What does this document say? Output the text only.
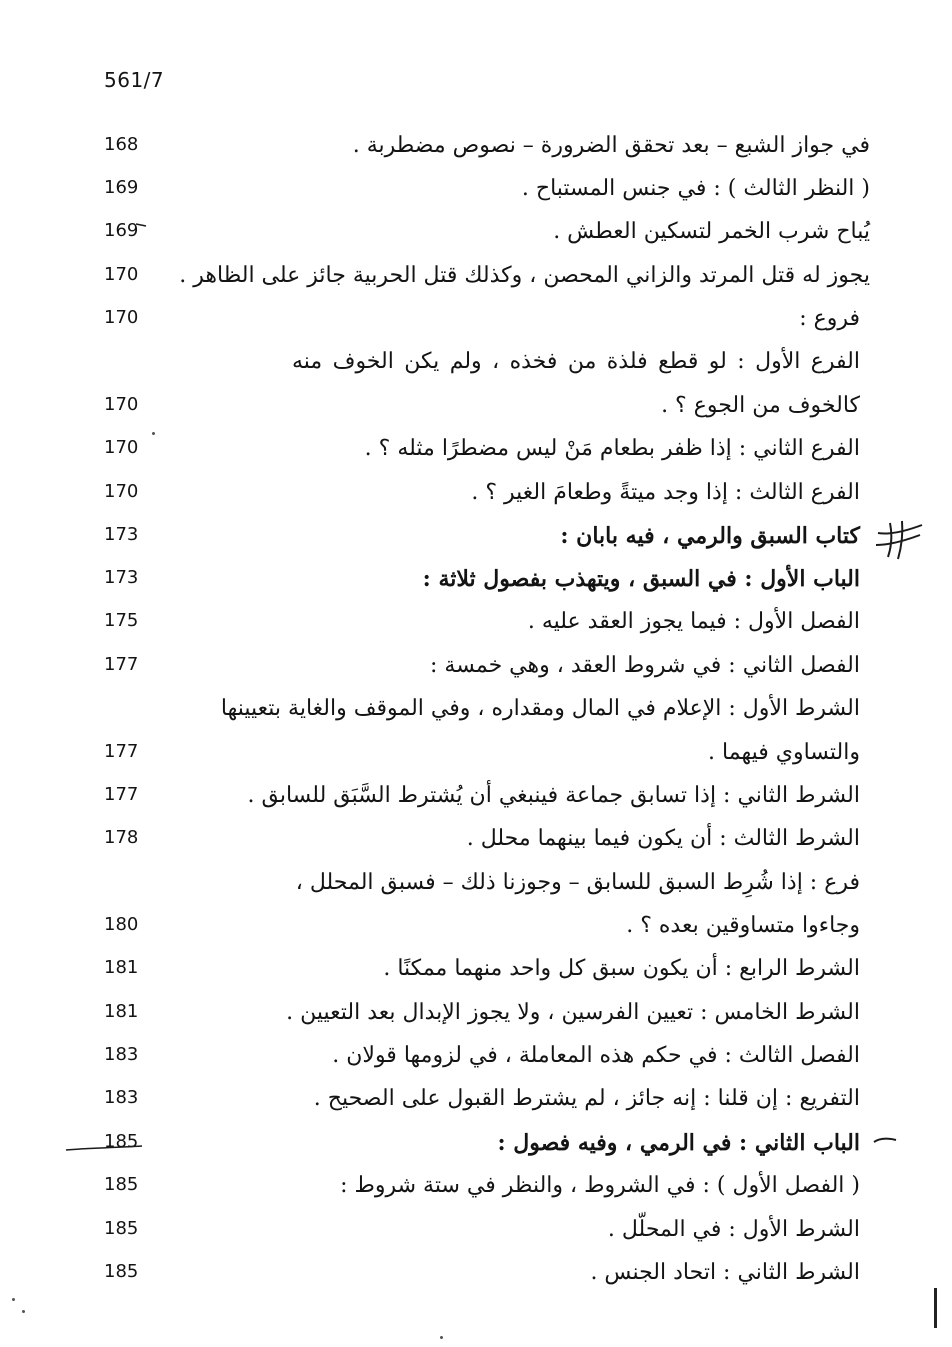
561/7
168	في جواز الشبع – بعد تحقق الضرورة – نصوص مضطربة .
169	( النظر الثالث ) : في جنس المستباح .
169	يُباح شرب الخمر لتسكين العطش .
170 يجوز له قتل المرتد والزاني المحصن ، وكذلك قتل الحربية جائز على الظاهر .
170	فروع :
الفرع الأول : لو قطع فلذة من فخذه ، ولم يكن الخوف منه
170	كالخوف من الجوع ؟ .
170	الفرع الثاني : إذا ظفر بطعام مَنْ ليس مضطرًا مثله ؟ .
170	الفرع الثالث : إذا وجد ميتةً وطعامَ الغير ؟ .
173	كتاب السبق والرمي ، فيه بابان :
173	الباب الأول : في السبق ، ويتهذب بفصول ثلاثة :
175	الفصل الأول : فيما يجوز العقد عليه .
177	الفصل الثاني : في شروط العقد ، وهي خمسة :
الشرط الأول : الإعلام في المال ومقداره ، وفي الموقف والغاية بتعيينها
177	والتساوي فيهما .
177	الشرط الثاني : إذا تسابق جماعة فينبغي أن يُشترط السَّبَق للسابق .
178	الشرط الثالث : أن يكون فيما بينهما محلل .
فرع : إذا شُرِط السبق للسابق – وجوزنا ذلك – فسبق المحلل ،
180	وجاءوا متساوقين بعده ؟ .
181	الشرط الرابع : أن يكون سبق كل واحد منهما ممكنًا .
181	الشرط الخامس : تعيين الفرسين ، ولا يجوز الإبدال بعد التعيين .
183	الفصل الثالث : في حكم هذه المعاملة ، في لزومها قولان .
183	التفريع : إن قلنا : إنه جائز ، لم يشترط القبول على الصحيح .
185	الباب الثاني : في الرمي ، وفيه فصول :
185	( الفصل الأول ) : في الشروط ، والنظر في ستة شروط :
185	الشرط الأول : في المحلّل .
185	الشرط الثاني : اتحاد الجنس .
